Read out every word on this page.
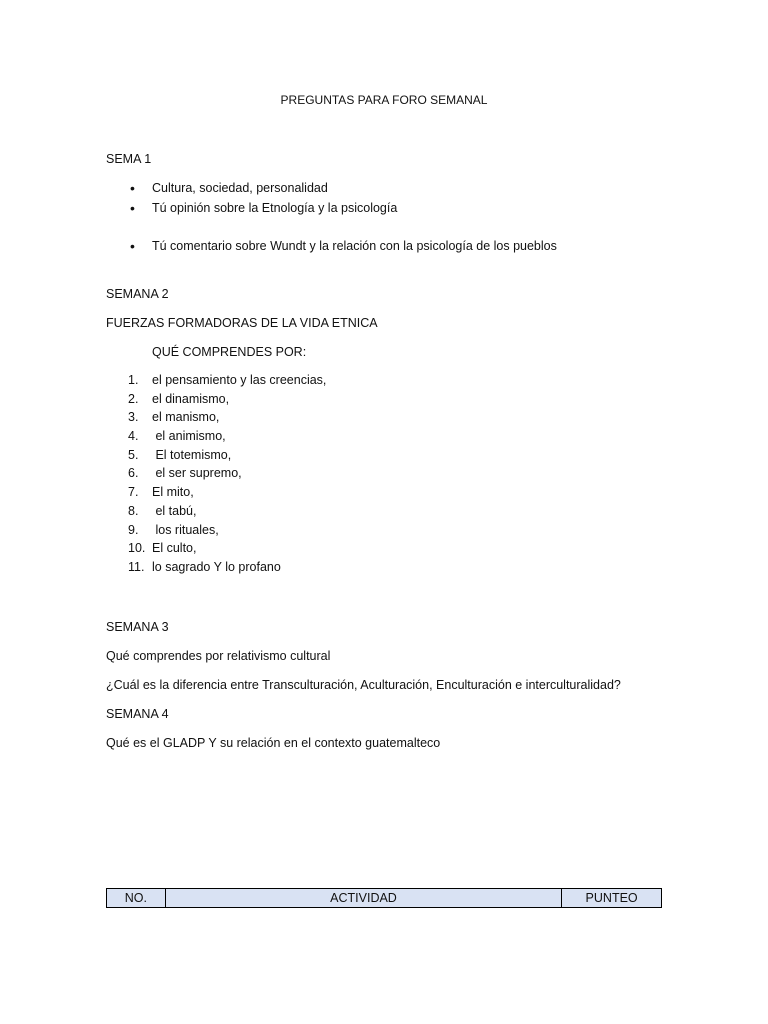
PREGUNTAS PARA FORO SEMANAL
SEMA 1
• Cultura, sociedad, personalidad
• Tú opinión sobre la Etnología y la psicología
• Tú comentario sobre Wundt y la relación con la psicología de los pueblos
SEMANA 2
FUERZAS FORMADORAS DE LA VIDA ETNICA
QUÉ COMPRENDES POR:
1. el pensamiento y las creencias,
2. el dinamismo,
3. el manismo,
4. el animismo,
5. El totemismo,
6. el ser supremo,
7. El mito,
8. el tabú,
9. los rituales,
10. El culto,
11. lo sagrado Y lo profano
SEMANA 3
Qué comprendes por relativismo cultural
¿Cuál es la diferencia entre Transculturación, Aculturación, Enculturación e interculturalidad?
SEMANA 4
Qué es el GLADP Y su relación en el contexto guatemalteco
NO.	ACTIVIDAD	PUNTEO
